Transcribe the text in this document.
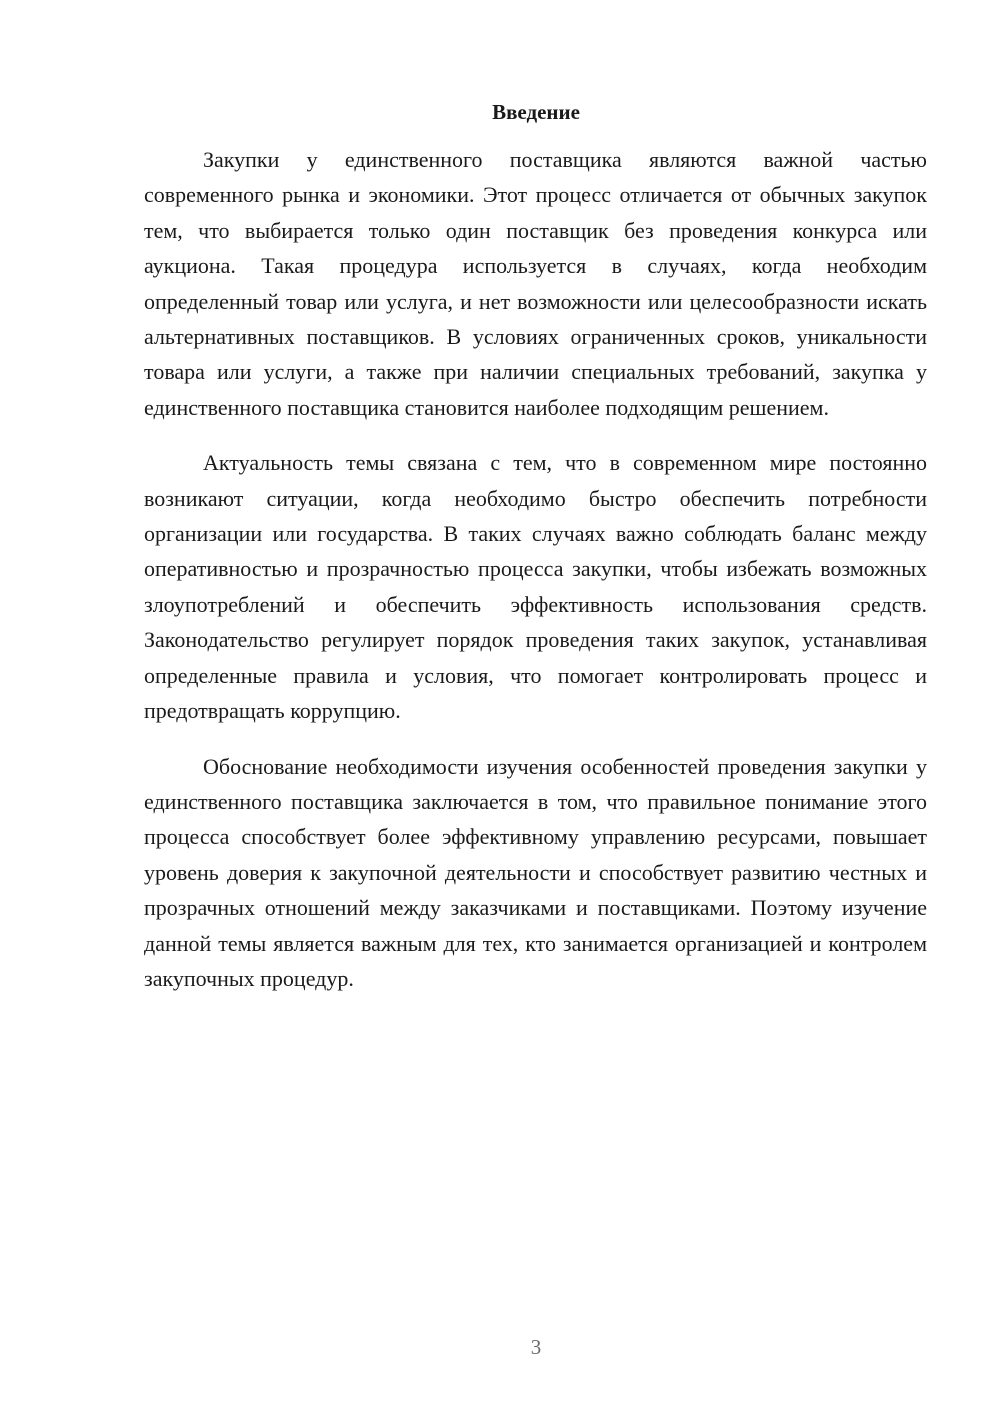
Введение

Закупки у единственного поставщика являются важной частью современного рынка и экономики. Этот процесс отличается от обычных закупок тем, что выбирается только один поставщик без проведения конкурса или аукциона. Такая процедура используется в случаях, когда необходим определенный товар или услуга, и нет возможности или целесообразности искать альтернативных поставщиков. В условиях ограниченных сроков, уникальности товара или услуги, а также при наличии специальных требований, закупка у единственного поставщика становится наиболее подходящим решением.

Актуальность темы связана с тем, что в современном мире постоянно возникают ситуации, когда необходимо быстро обеспечить потребности организации или государства. В таких случаях важно соблюдать баланс между оперативностью и прозрачностью процесса закупки, чтобы избежать возможных злоупотреблений и обеспечить эффективность использования средств. Законодательство регулирует порядок проведения таких закупок, устанавливая определенные правила и условия, что помогает контролировать процесс и предотвращать коррупцию.

Обоснование необходимости изучения особенностей проведения закупки у единственного поставщика заключается в том, что правильное понимание этого процесса способствует более эффективному управлению ресурсами, повышает уровень доверия к закупочной деятельности и способствует развитию честных и прозрачных отношений между заказчиками и поставщиками. Поэтому изучение данной темы является важным для тех, кто занимается организацией и контролем закупочных процедур.

3
